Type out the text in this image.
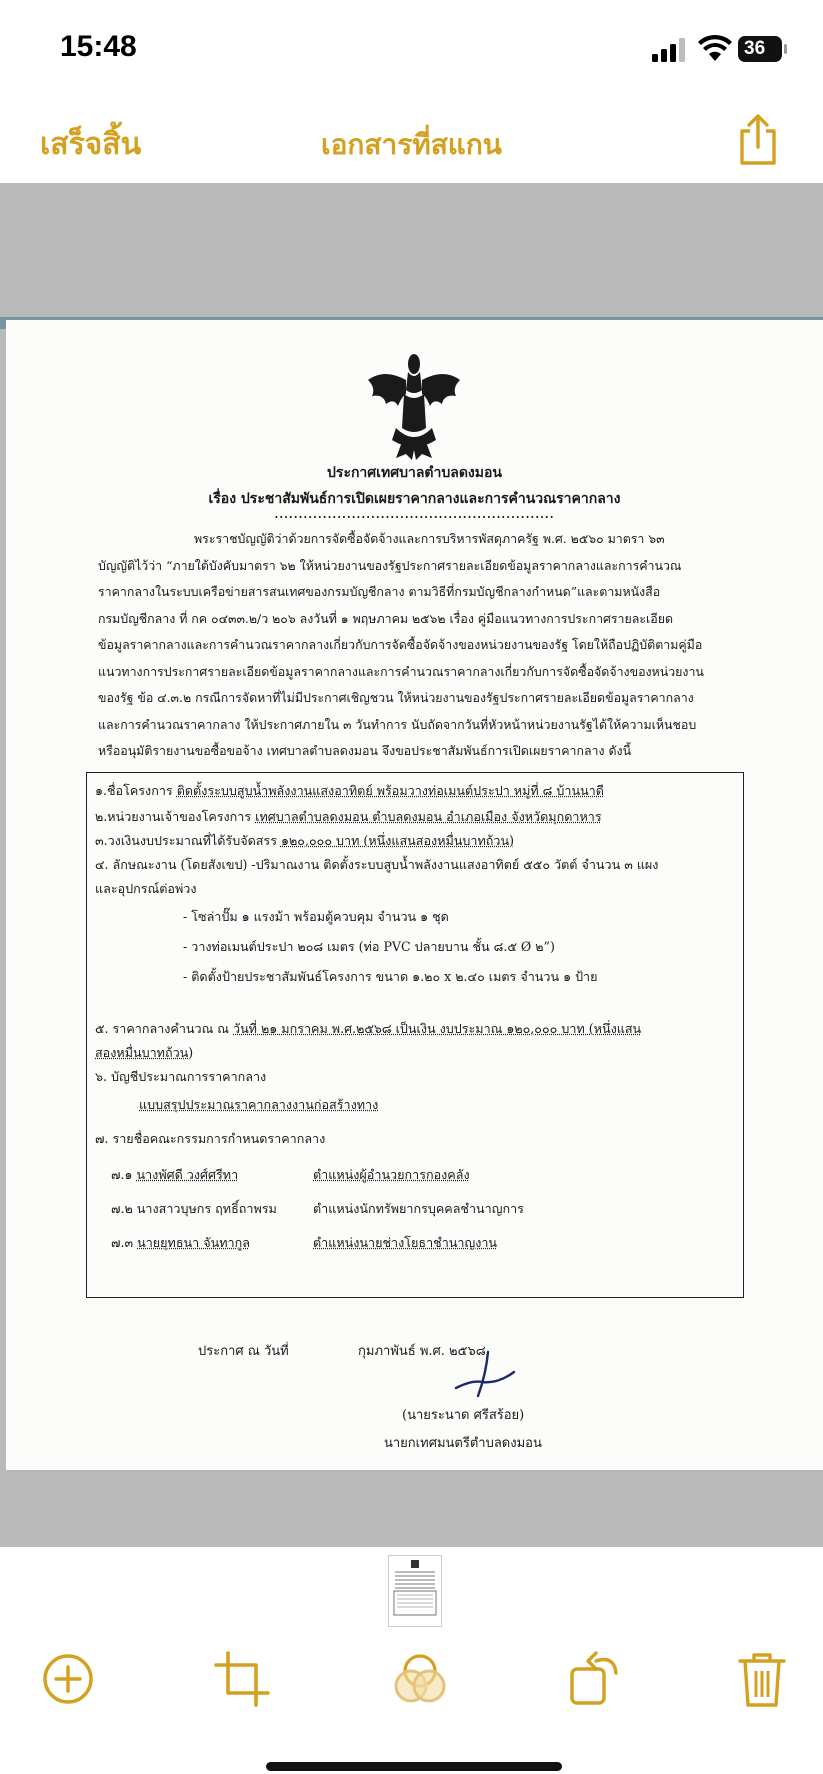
15:48	36
เสร็จสิ้น	เอกสารที่สแกน
ประกาศเทศบาลตำบลดงมอน
เรื่อง ประชาสัมพันธ์การเปิดเผยราคากลางและการคำนวณราคากลาง
..........................................................

พระราชบัญญัติว่าด้วยการจัดซื้อจัดจ้างและการบริหารพัสดุภาครัฐ พ.ศ. ๒๕๖๐ มาตรา ๖๓

บัญญัติไว้ว่า “ภายใต้บังคับมาตรา ๖๒ ให้หน่วยงานของรัฐประกาศรายละเอียดข้อมูลราคากลางและการคำนวณ

ราคากลางในระบบเครือข่ายสารสนเทศของกรมบัญชีกลาง ตามวิธีที่กรมบัญชีกลางกำหนด”และตามหนังสือ

กรมบัญชีกลาง ที่ กค ๐๔๓๓.๒/ว ๒๐๖ ลงวันที่ ๑ พฤษภาคม ๒๕๖๒ เรื่อง คู่มือแนวทางการประกาศรายละเอียด

ข้อมูลราคากลางและการคำนวณราคากลางเกี่ยวกับการจัดซื้อจัดจ้างของหน่วยงานของรัฐ โดยให้ถือปฏิบัติตามคู่มือ

แนวทางการประกาศรายละเอียดข้อมูลราคากลางและการคำนวณราคากลางเกี่ยวกับการจัดซื้อจัดจ้างของหน่วยงาน

ของรัฐ ข้อ ๔.๓.๒ กรณีการจัดหาที่ไม่มีประกาศเชิญชวน ให้หน่วยงานของรัฐประกาศรายละเอียดข้อมูลราคากลาง

และการคำนวณราคากลาง ให้ประกาศภายใน ๓ วันทำการ นับถัดจากวันที่หัวหน้าหน่วยงานรัฐได้ให้ความเห็นชอบ

หรืออนุมัติรายงานขอซื้อขอจ้าง เทศบาลตำบลดงมอน จึงขอประชาสัมพันธ์การเปิดเผยราคากลาง ดังนี้

๑.ชื่อโครงการ ติดตั้งระบบสูบน้ำพลังงานแสงอาทิตย์ พร้อมวางท่อเมนต์ประปา หมู่ที่ ๘ บ้านนาดี
๒.หน่วยงานเจ้าของโครงการ เทศบาลตำบลดงมอน ตำบลดงมอน อำเภอเมือง จังหวัดมุกดาหาร
๓.วงเงินงบประมาณที่ได้รับจัดสรร ๑๒๐,๐๐๐ บาท (หนึ่งแสนสองหมื่นบาทถ้วน)
๔. ลักษณะงาน (โดยสังเขป) -ปริมาณงาน ติดตั้งระบบสูบน้ำพลังงานแสงอาทิตย์ ๕๕๐ วัตต์ จำนวน ๓ แผง
และอุปกรณ์ต่อพ่วง
- โซล่าปั๊ม ๑ แรงม้า พร้อมตู้ควบคุม จำนวน ๑ ชุด
- วางท่อเมนต์ประปา ๒๐๘ เมตร (ท่อ PVC ปลายบาน ชั้น ๘.๕ Ø ๒”)
- ติดตั้งป้ายประชาสัมพันธ์โครงการ ขนาด ๑.๒๐ x ๒.๔๐ เมตร จำนวน ๑ ป้าย
๕. ราคากลางคำนวณ ณ วันที่ ๒๑ มกราคม พ.ศ.๒๕๖๘ เป็นเงิน งบประมาณ ๑๒๐,๐๐๐ บาท (หนึ่งแสน
สองหมื่นบาทถ้วน)
๖. บัญชีประมาณการราคากลาง
แบบสรุปประมาณราคากลางงานก่อสร้างทาง
๗. รายชื่อคณะกรรมการกำหนดราคากลาง
๗.๑ นางพัศดี วงศ์ศรีทา	ตำแหน่งผู้อำนวยการกองคลัง
๗.๒ นางสาวบุษกร ฤทธิ์ถาพรม	ตำแหน่งนักทรัพยากรบุคคลชำนาญการ
๗.๓ นายยุทธนา จันทากูล	ตำแหน่งนายช่างโยธาชำนาญงาน
ประกาศ ณ วันที่	กุมภาพันธ์ พ.ศ. ๒๕๖๘
(นายระนาด ศรีสร้อย)
นายกเทศมนตรีตำบลดงมอน
